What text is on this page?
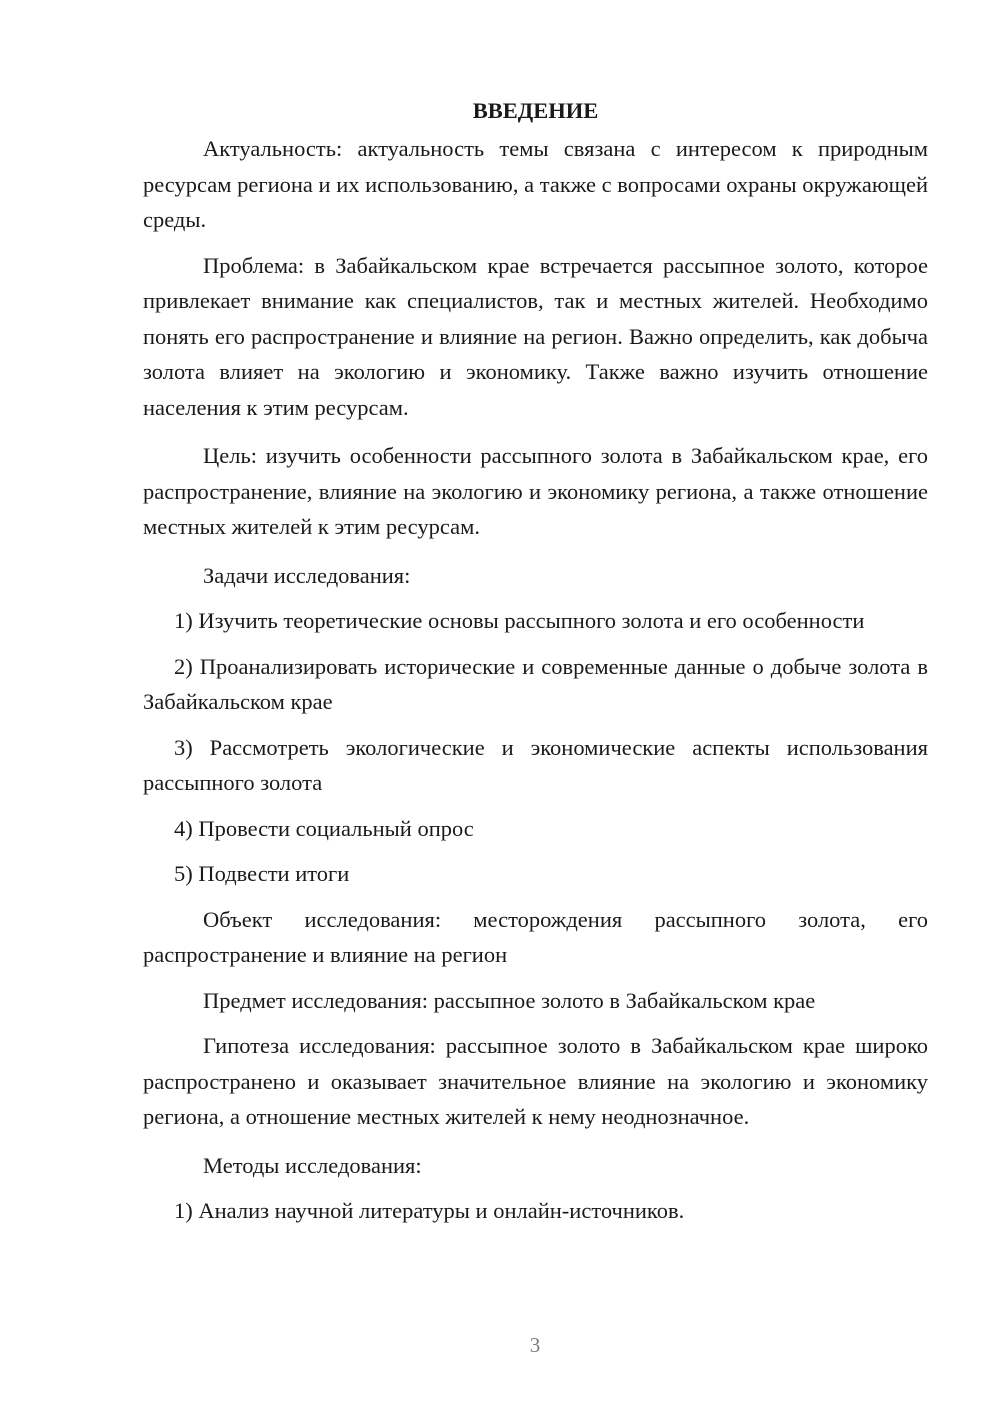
ВВЕДЕНИЕ

Актуальность: актуальность темы связана с интересом к природным ресурсам региона и их использованию, а также с вопросами охраны окружающей среды.

Проблема: в Забайкальском крае встречается рассыпное золото, которое привлекает внимание как специалистов, так и местных жителей. Необходимо понять его распространение и влияние на регион. Важно определить, как добыча золота влияет на экологию и экономику. Также важно изучить отношение населения к этим ресурсам.

Цель: изучить особенности рассыпного золота в Забайкальском крае, его распространение, влияние на экологию и экономику региона, а также отношение местных жителей к этим ресурсам.

Задачи исследования:

1) Изучить теоретические основы рассыпного золота и его особенности

2) Проанализировать исторические и современные данные о добыче золота в Забайкальском крае

3) Рассмотреть экологические и экономические аспекты использования рассыпного золота

4) Провести социальный опрос

5) Подвести итоги

Объект исследования: месторождения рассыпного золота, его распространение и влияние на регион

Предмет исследования: рассыпное золото в Забайкальском крае

Гипотеза исследования: рассыпное золото в Забайкальском крае широко распространено и оказывает значительное влияние на экологию и экономику региона, а отношение местных жителей к нему неоднозначное.

Методы исследования:

1) Анализ научной литературы и онлайн-источников.

3
